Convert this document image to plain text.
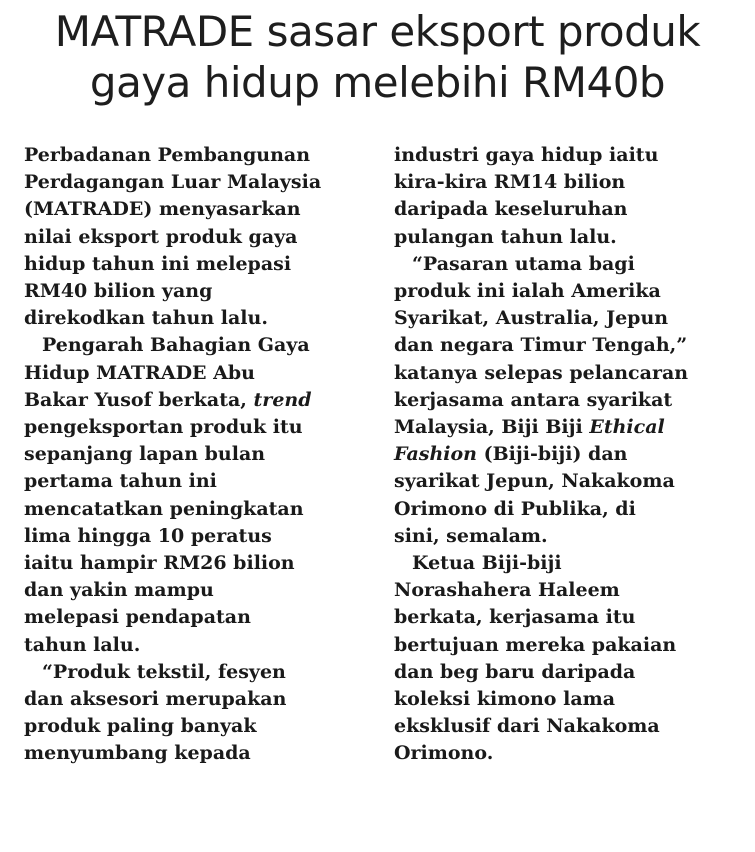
MATRADE sasar eksport produk
gaya hidup melebihi RM40b

Perbadanan Pembangunan
Perdagangan Luar Malaysia
(MATRADE) menyasarkan
nilai eksport produk gaya
hidup tahun ini melepasi
RM40 bilion yang
direkodkan tahun lalu.

Pengarah Bahagian Gaya
Hidup MATRADE Abu
Bakar Yusof berkata, trend
pengeksportan produk itu
sepanjang lapan bulan
pertama tahun ini
mencatatkan peningkatan
lima hingga 10 peratus
iaitu hampir RM26 bilion
dan yakin mampu
melepasi pendapatan
tahun lalu.

“Produk tekstil, fesyen
dan aksesori merupakan
produk paling banyak
menyumbang kepada

industri gaya hidup iaitu
kira-kira RM14 bilion
daripada keseluruhan
pulangan tahun lalu.

“Pasaran utama bagi
produk ini ialah Amerika
Syarikat, Australia, Jepun
dan negara Timur Tengah,”
katanya selepas pelancaran
kerjasama antara syarikat
Malaysia, Biji Biji Ethical
Fashion (Biji-biji) dan
syarikat Jepun, Nakakoma
Orimono di Publika, di
sini, semalam.

Ketua Biji-biji
Norashahera Haleem
berkata, kerjasama itu
bertujuan mereka pakaian
dan beg baru daripada
koleksi kimono lama
eksklusif dari Nakakoma
Orimono.
